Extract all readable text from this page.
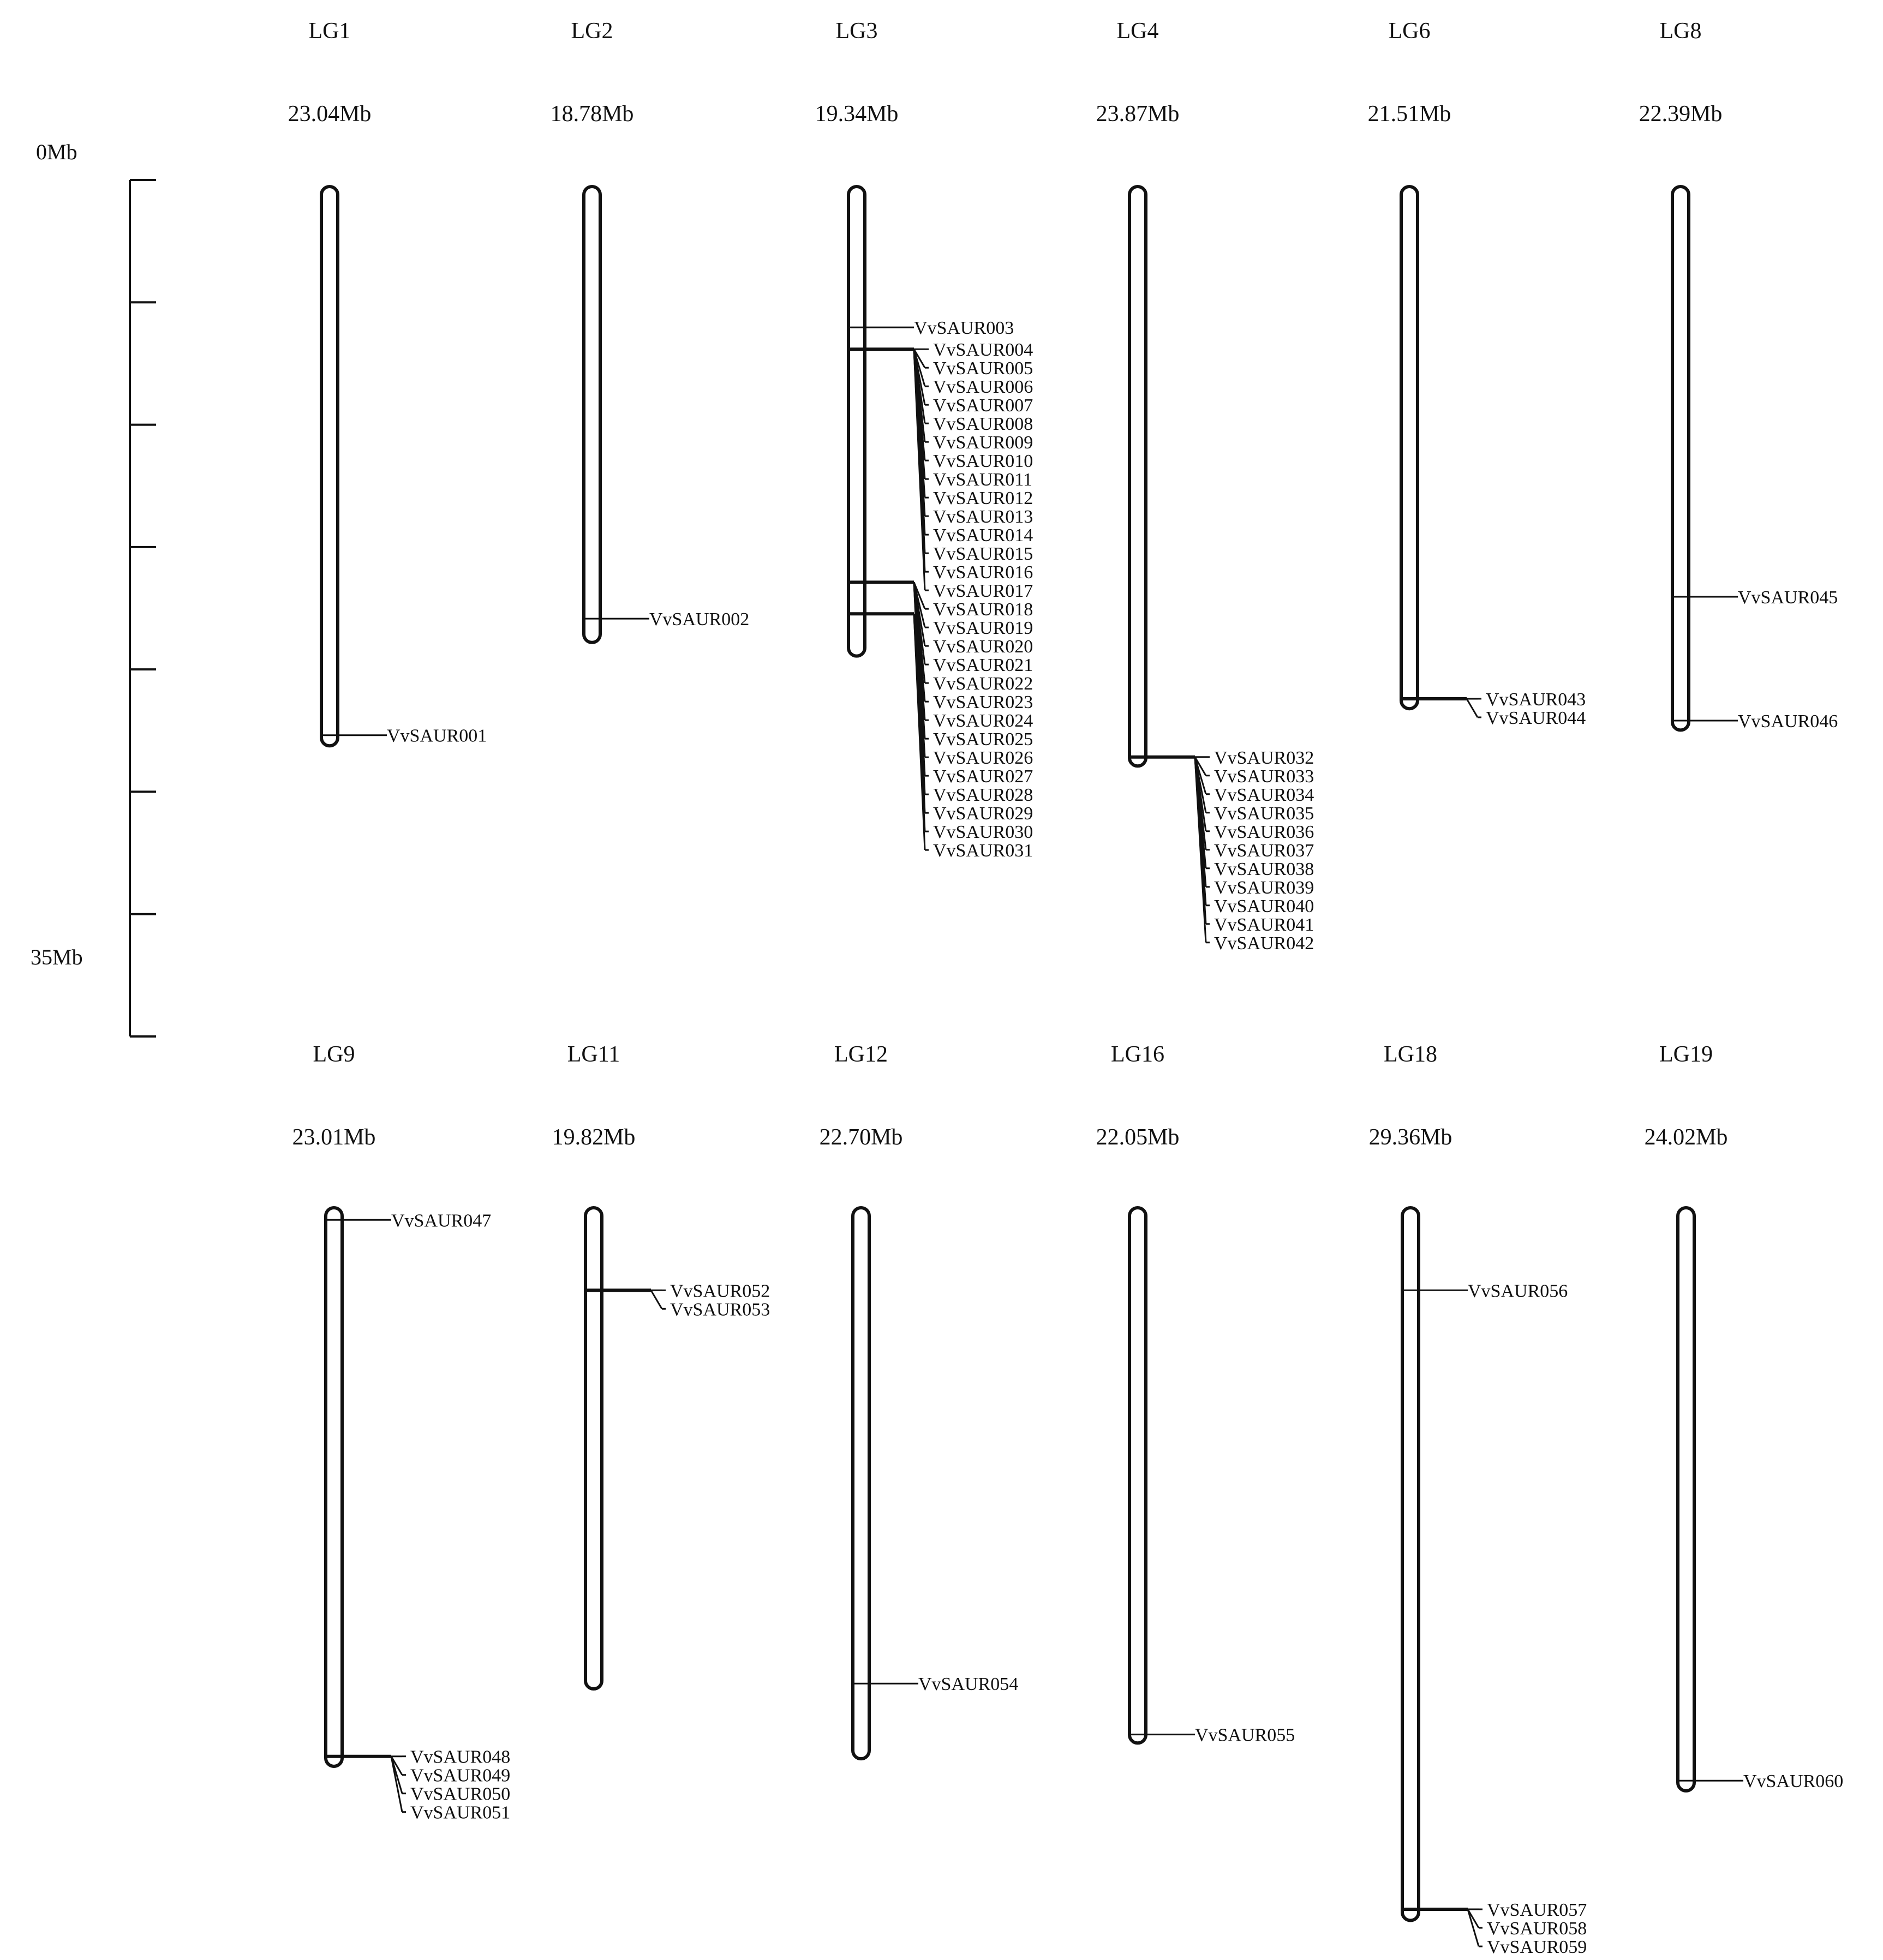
0Mb
35Mb
LG1
23.04Mb
VvSAUR001
LG2
18.78Mb
VvSAUR002
LG3
19.34Mb
VvSAUR003
VvSAUR004
VvSAUR005
VvSAUR006
VvSAUR007
VvSAUR008
VvSAUR009
VvSAUR010
VvSAUR011
VvSAUR012
VvSAUR013
VvSAUR014
VvSAUR015
VvSAUR016
VvSAUR017
VvSAUR018
VvSAUR019
VvSAUR020
VvSAUR021
VvSAUR022
VvSAUR023
VvSAUR024
VvSAUR025
VvSAUR026
VvSAUR027
VvSAUR028
VvSAUR029
VvSAUR030
VvSAUR031
LG4
23.87Mb
VvSAUR032
VvSAUR033
VvSAUR034
VvSAUR035
VvSAUR036
VvSAUR037
VvSAUR038
VvSAUR039
VvSAUR040
VvSAUR041
VvSAUR042
LG6
21.51Mb
VvSAUR043
VvSAUR044
LG8
22.39Mb
VvSAUR045
VvSAUR046
LG9
23.01Mb
VvSAUR047
VvSAUR048
VvSAUR049
VvSAUR050
VvSAUR051
LG11
19.82Mb
VvSAUR052
VvSAUR053
LG12
22.70Mb
VvSAUR054
LG16
22.05Mb
VvSAUR055
LG18
29.36Mb
VvSAUR056
VvSAUR057
VvSAUR058
VvSAUR059
LG19
24.02Mb
VvSAUR060
